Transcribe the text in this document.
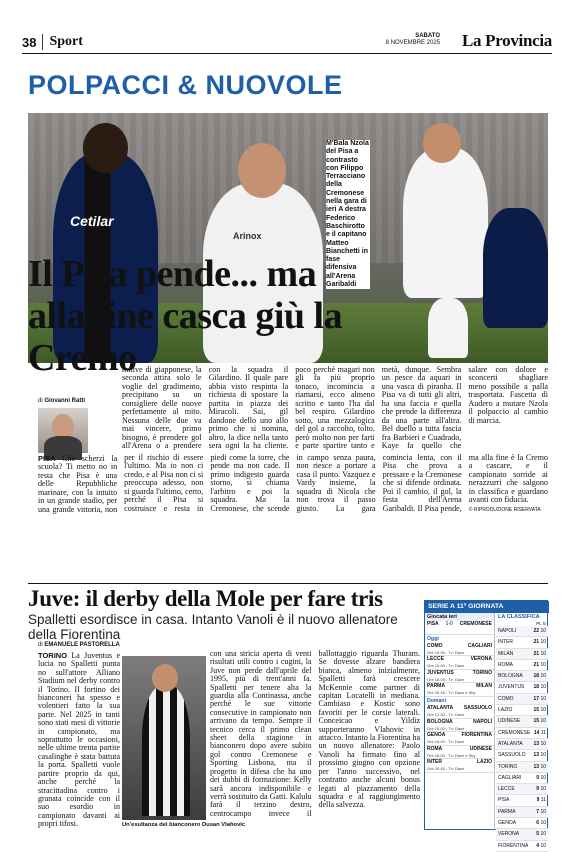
38 Sport	SABATO
8 NOVEMBRE 2025 La Provincia
POLPACCI & NUOVOLE
Cetilar
Arinox
M'Bala Nzola del Pisa a contrasto con Filippo Terracciano della Cremonese nella gara di ieri A destra Federico Baschirotto e il capitano Matteo Bianchetti in fase difensiva all'Arena Garibaldi
Il Pisa pende... ma alla fine casca giù la Cremo
di Giovanni Ratti
mitive di giapponese, la seconda attira solo le voglie del gradimento, precipitano su un consigliere delle nuove perfettamente al mito. Nessuna delle due va mai vincere, primo bisogno, è prendere gol all'Arena o a prendere con la squadra il Gilardino. Il quale pare abbia visto respinta la richiesta di spostare la partita in piazza dei Miracoli. Sai, gil dandone dello uno allo primo che si nomina, altro, la dice nella tanto sera ogni la ha cliente. poco perché magari non gli fa più proprio tonaco, incomincia a riamarsi, ecco almeno scritto e tanto l'ha dal bel respiro. Gilardino sotto, una mezzalogica del gol a raccolto, tolto. però molto non per farti e parte spartire tanto e metà, dunque. Sembra un pesce da aquari in una vasca di piranha. Il Pisa va di tutti gli altri, ha una faccia e quella che prende la differenza da una parte all'altra. Bel duello a tutta fascia fra Barbieri e Cuadrado, Kaye fa quello che salare con dolore e sconcerti sbagliare meno possibile a palla trasportata. Fascetta di Audero a mutare Nzola il polpaccio al cambio di marcia.
PISA Che scherzi la scuola? Ti metto no in testa che Pisa è una delle Repubbliche marinare, con la intuito in un grande stadio, per una grande vittoria, non per il rischio di essere l'ultimo. Ma io non ci credo, e al Pisa non ci si preoccupa adesso, non si guarda l'ultimo, certo, perché il Pisa si costruisce e resta in piedi come la torre, che pende ma non cade. Il primo indigesto guarda storno, si chiama l'arbitro e poi la squadra. Ma la Cremonese, che scende in campo senza paura, non riesce a portare a casa il punto. Vazquez e Vardy insieme, la squadra di Nicola che non trova il passo giusto. La gara comincia lenta, con il Pisa che prova a pressare e la Cremonese che si difende ordinata. Poi il cambio, il gol, la festa dell'Arena Garibaldi. Il Pisa pende, ma alla fine è la Cremo a cascare, e il campionato sorride ai nerazzurri che salgono in classifica e guardano avanti con fiducia.
© RIPRODUZIONE RISERVATA
Juve: il derby della Mole per fare tris
Spalletti esordisce in casa. Intanto Vanoli è il nuovo allenatore della Fiorentina
di EMANUELE PASTORELLA
TORINO La Juventus e lucia no Spalletti punta no sull'attore Alliano Stadium nel derby contro il Torino. Il fortino dei bianconeri ha spesso e volentieri fatto la sua parte. Nel 2025 in tanti sono stati mesi di vittorie in campionato, ma soprattutto le occasioni, nelle ultime trenta partite casalinghe è stata battuta la porta. Spalletti vuole partire proprio da qui, anche perché la stracittadina contro i granata coincide con il suo esordio in campionato davanti ai propri tifosi.	Un'esultanza del bianconero Dusan Vlahovic
con una stricia aperta di venti risultati utili contro i cugini, la Juve non perde dall'aprile del 1995, più di trent'anni fa. Spalletti per tenere alta la guardia alla Continassa, anche perché le sue vittorie consecutive in campionato non arrivano da tempo. Sempre il tecnico cerca il primo clean sheet della stagione in bianconero dopo avere subito gol contro Cremonese e Sporting Lisbona, ma il progetto in difesa che ha uno dei dubbi di formazione: Kelly sarà ancora indisponibile e verrà sostituito da Gatti. Kalulu farà il terzino destro, centrocampo invece il ballottaggio riguarda Thuram. Se dovesse alzare bandiera bianca, almeno inizialmente, Spalletti farà crescere McKennie come partner di capitan Locatelli in mediana. Cambiaso e Kostic sono favoriti per le corsie laterali. Conceicao e Yildiz supporteranno Vlahovic in attacco. Intanto la Fiorentina ha un nuovo allenatore: Paolo Vanoli ha firmato fino al prossimo giugno con opzione per l'anno successivo, nel contratto anche alcuni bonus legati al piazzamento della squadra e al raggiungimento della salvezza.
SERIE A 11ª GIORNATA
Giocata ieri
PISA 1-0 CREMONESE
Oggi
COMO	CAGLIARI
Ore 15.00 - Tv: Dazn
LECCE	VERONA
Ore 15.00 - Tv: Dazn
JUVENTUS	TORINO
Ore 18.00 - Tv: Dazn
PARMA	MILAN
Ore 20.45 - Tv: Dazn e Sky
Domani
ATALANTA SASSUOLO
Ore 12.30 - Tv: Dazn
BOLOGNA	NAPOLI
Ore 15.00 - Tv: Dazn
GENOA	FIORENTINA
Ore 15.00 - Tv: Dazn
ROMA	UDINESE
Ore 18.00 - Tv: Dazn e Sky
INTER	LAZIO
Ore 20.45 - Tv: Dazn
LA CLASSIFICA
Pt. G
NAPOLI	22 10
INTER	21 10
MILAN	21 10
ROMA	21 10
BOLOGNA 18 10
JUVENTUS 18 10
COMO	17 10
LAZIO	15 10
UDINESE	15 10
CREMONESE 14 11
ATALANTA 13 10
SASSUOLO 13 10
TORINO	13 10
CAGLIARI	9 10
LECCE	9 10
PISA	9 11
PARMA	7 10
GENOA	6 10
VERONA	5 10
FIORENTINA 4 10
